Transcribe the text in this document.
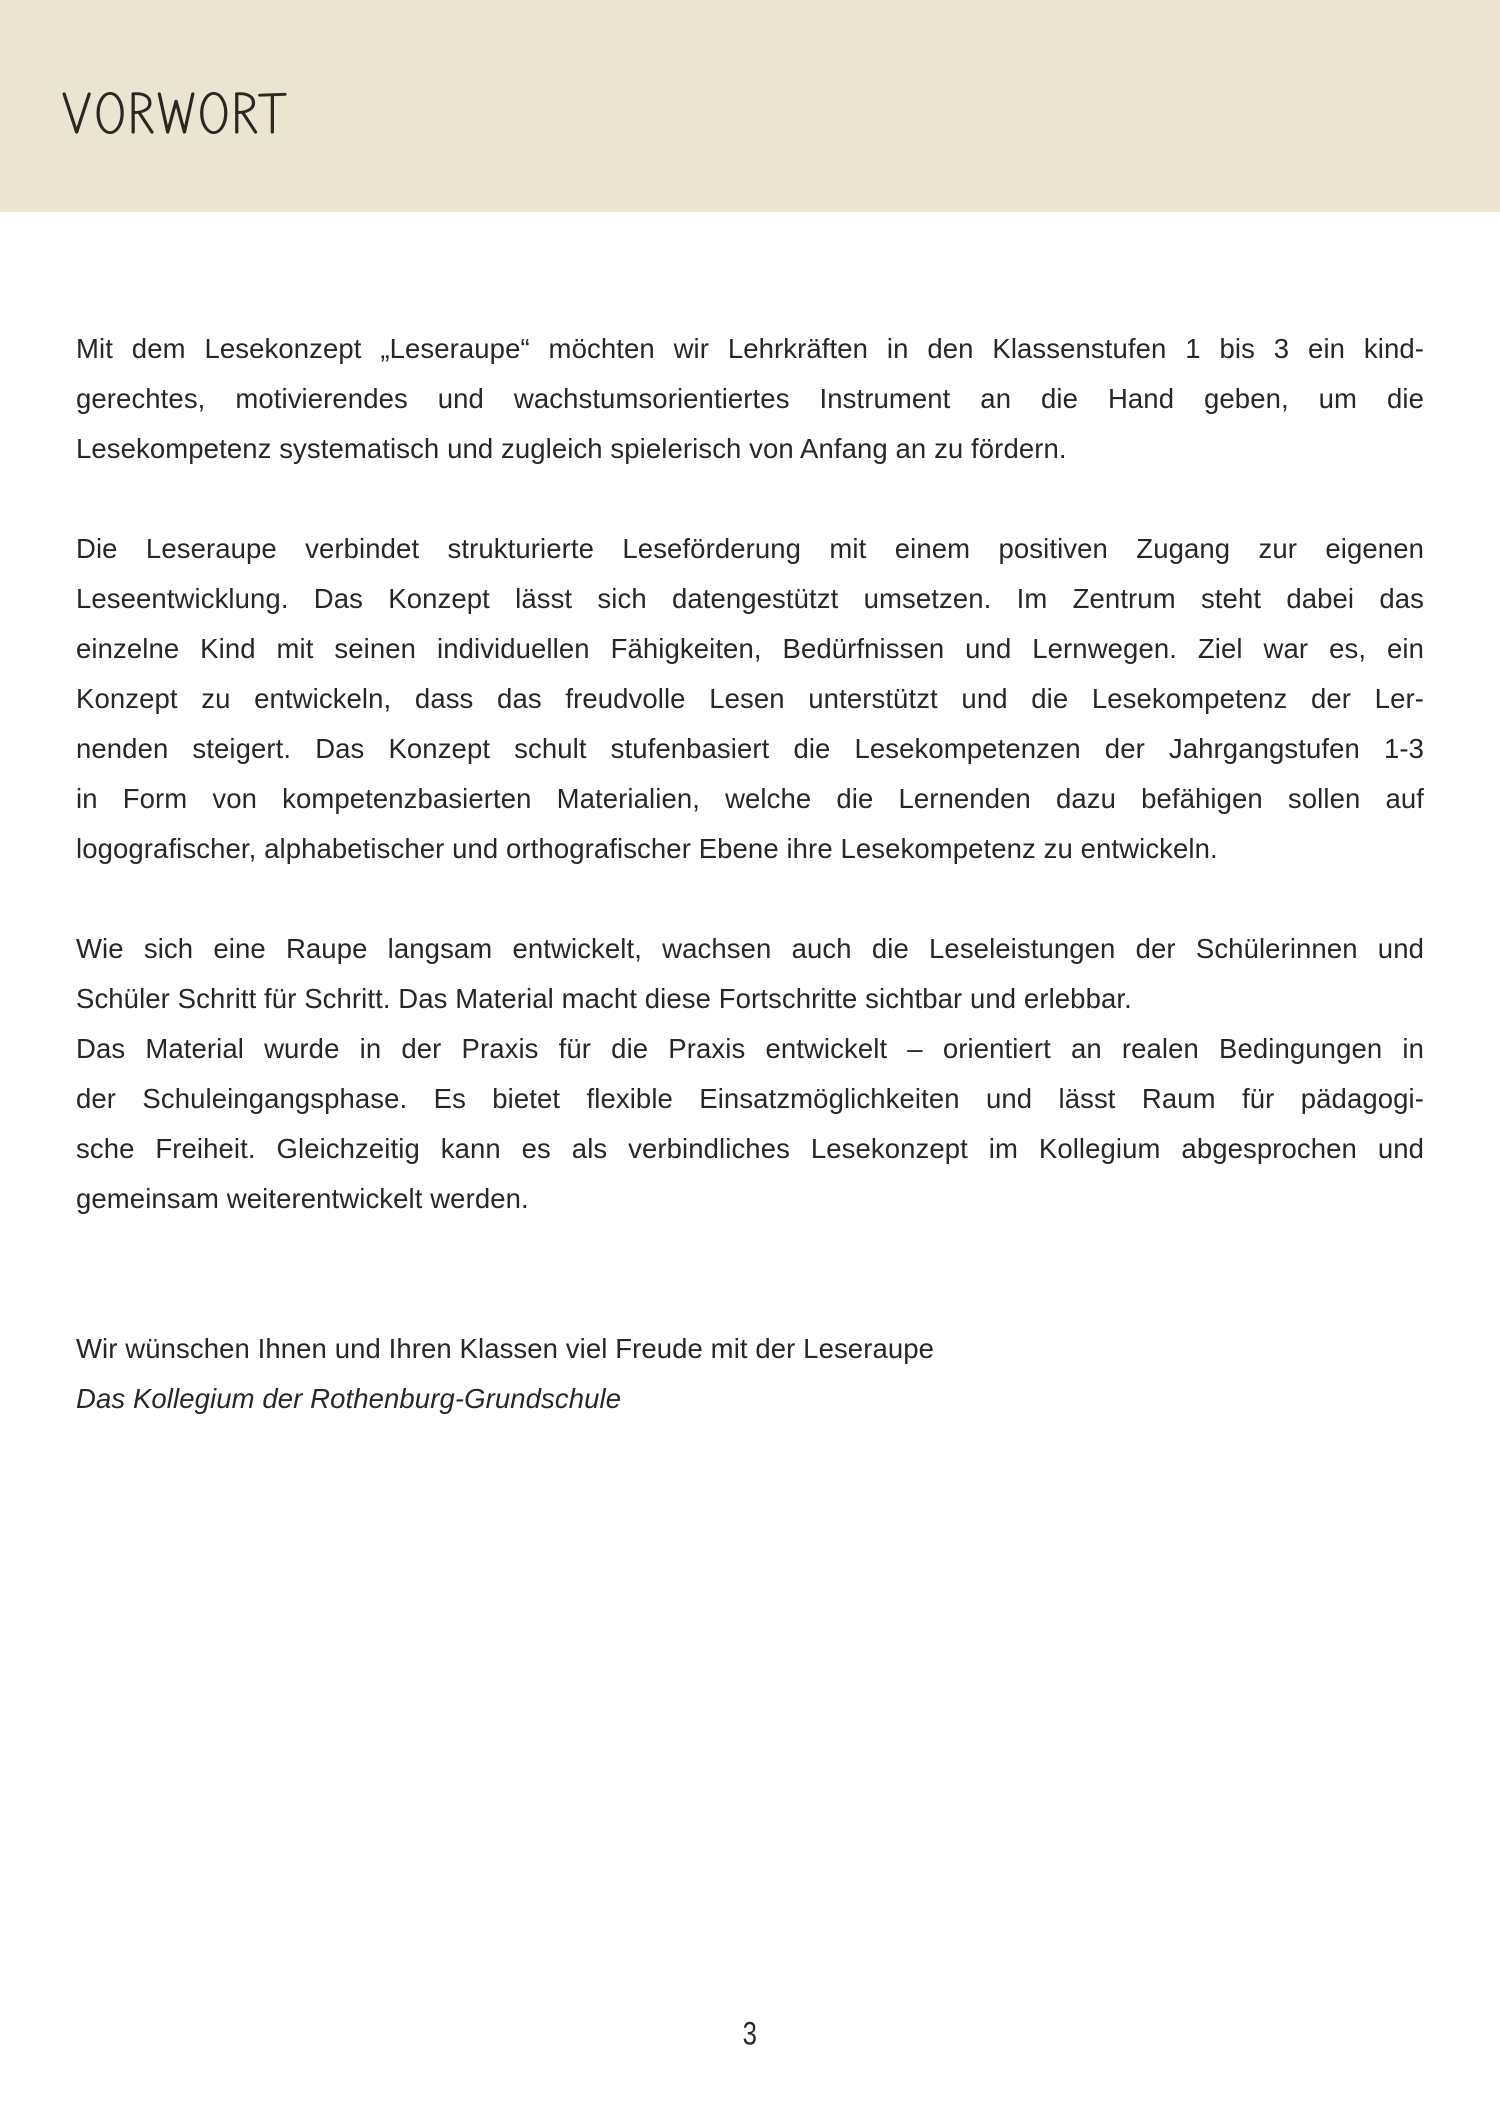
Mit dem Lesekonzept „Leseraupe“ möchten wir Lehrkräften in den Klassenstufen 1 bis 3 ein kind-
gerechtes, motivierendes und wachstumsorientiertes Instrument an die Hand geben, um die
Lesekompetenz systematisch und zugleich spielerisch von Anfang an zu fördern.
Die Leseraupe verbindet strukturierte Leseförderung mit einem positiven Zugang zur eigenen
Leseentwicklung. Das Konzept lässt sich datengestützt umsetzen. Im Zentrum steht dabei das
einzelne Kind mit seinen individuellen Fähigkeiten, Bedürfnissen und Lernwegen. Ziel war es, ein
Konzept zu entwickeln, dass das freudvolle Lesen unterstützt und die Lesekompetenz der Ler-
nenden steigert. Das Konzept schult stufenbasiert die Lesekompetenzen der Jahrgangstufen 1-3
in Form von kompetenzbasierten Materialien, welche die Lernenden dazu befähigen sollen auf
logografischer, alphabetischer und orthografischer Ebene ihre Lesekompetenz zu entwickeln.
Wie sich eine Raupe langsam entwickelt, wachsen auch die Leseleistungen der Schülerinnen und
Schüler Schritt für Schritt. Das Material macht diese Fortschritte sichtbar und erlebbar.
Das Material wurde in der Praxis für die Praxis entwickelt – orientiert an realen Bedingungen in
der Schuleingangsphase. Es bietet flexible Einsatzmöglichkeiten und lässt Raum für pädagogi-
sche Freiheit. Gleichzeitig kann es als verbindliches Lesekonzept im Kollegium abgesprochen und
gemeinsam weiterentwickelt werden.
Wir wünschen Ihnen und Ihren Klassen viel Freude mit der Leseraupe
Das Kollegium der Rothenburg-Grundschule
3
